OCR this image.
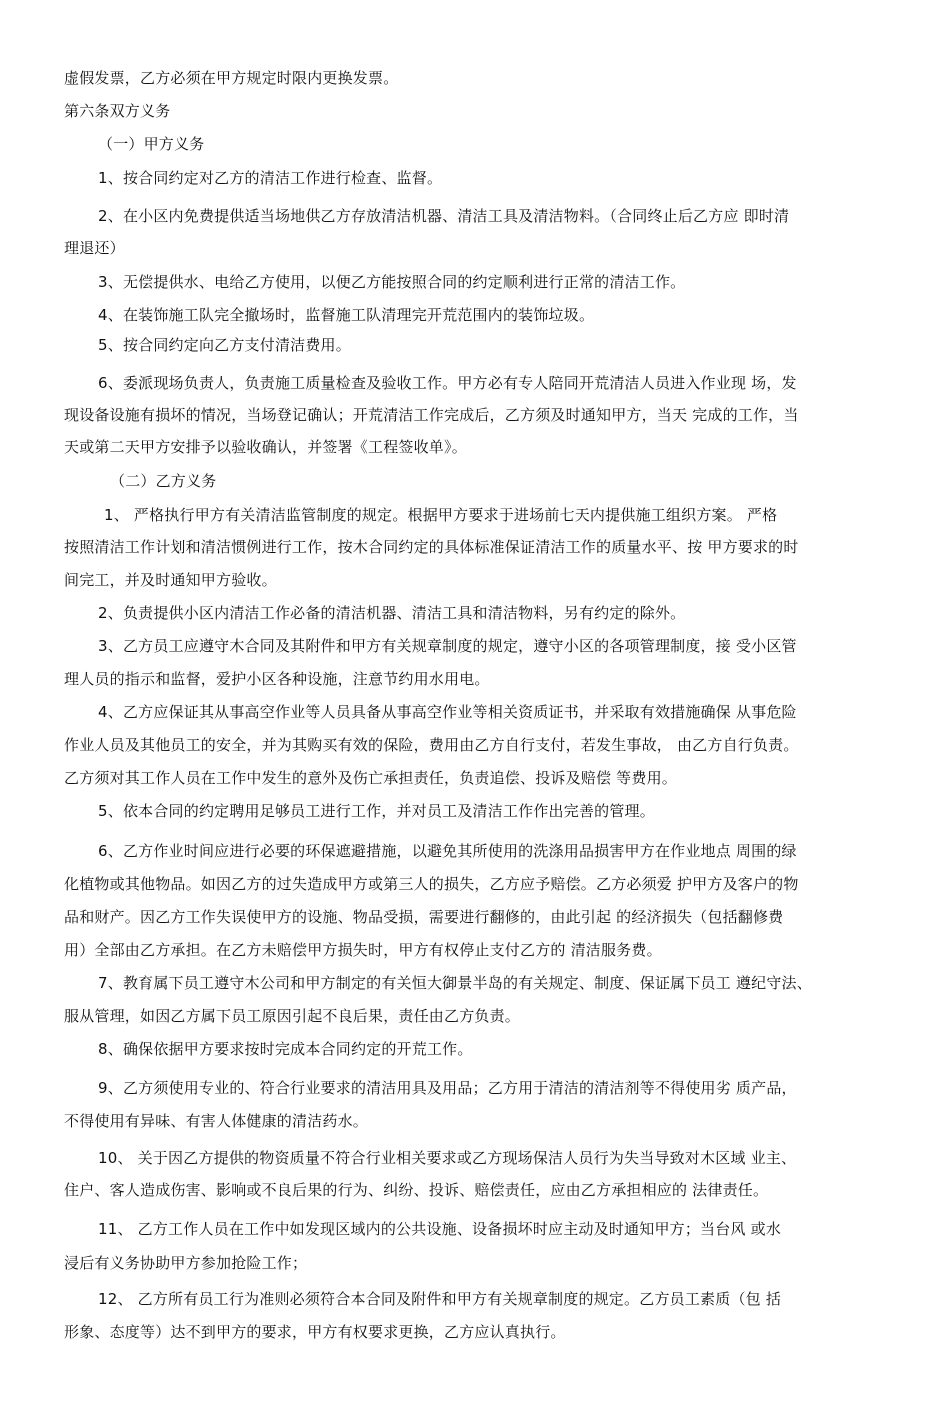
虚假发票，乙方必须在甲方规定时限内更换发票。
第六条双方义务
（一）甲方义务
1、按合同约定对乙方的清洁工作进行检查、监督。
2、在小区内免费提供适当场地供乙方存放清洁机器、清洁工具及清洁物料。（合同终止后乙方应 即时清
理退还）
3、无偿提供水、电给乙方使用，以便乙方能按照合同的约定顺利进行正常的清洁工作。
4、在装饰施工队完全撤场时，监督施工队清理完开荒范围内的装饰垃圾。
5、按合同约定向乙方支付清洁费用。
6、委派现场负责人，负责施工质量检查及验收工作。甲方必有专人陪同开荒清洁人员进入作业现 场，发
现设备设施有损坏的情况，当场登记确认；开荒清洁工作完成后，乙方须及时通知甲方，当天 完成的工作，当
天或第二天甲方安排予以验收确认，并签署《工程签收单》。
（二）乙方义务
1、 严格执行甲方有关清洁监管制度的规定。根据甲方要求于进场前七天内提供施工组织方案。 严格
按照清洁工作计划和清洁惯例进行工作，按木合同约定的具体标准保证清洁工作的质量水平、按 甲方要求的时
间完工，并及时通知甲方验收。
2、负责提供小区内清洁工作必备的清洁机器、清洁工具和清洁物料，另有约定的除外。
3、乙方员工应遵守木合同及其附件和甲方有关规章制度的规定，遵守小区的各项管理制度，接 受小区管
理人员的指示和监督，爱护小区各种设施，注意节约用水用电。
4、乙方应保证其从事高空作业等人员具备从事高空作业等相关资质证书，并采取有效措施确保 从事危险
作业人员及其他员工的安全，并为其购买有效的保险，费用由乙方自行支付，若发生事故， 由乙方自行负责。
乙方须对其工作人员在工作中发生的意外及伤亡承担责任，负责追偿、投诉及赔偿 等费用。
5、依本合同的约定聘用足够员工进行工作，并对员工及清洁工作作出完善的管理。
6、乙方作业时间应进行必要的环保遮避措施，以避免其所使用的洗涤用品损害甲方在作业地点 周围的绿
化植物或其他物品。如因乙方的过失造成甲方或第三人的损失，乙方应予赔偿。乙方必须爱 护甲方及客户的物
品和财产。因乙方工作失误使甲方的设施、物品受损，需要进行翻修的，由此引起 的经济损失（包括翻修费
用）全部由乙方承担。在乙方未赔偿甲方损失时，甲方有权停止支付乙方的 清洁服务费。
7、教育属下员工遵守木公司和甲方制定的有关恒大御景半岛的有关规定、制度、保证属下员工 遵纪守法、
服从管理，如因乙方属下员工原因引起不良后果，责任由乙方负责。
8、确保依据甲方要求按时完成本合同约定的开荒工作。
9、乙方须使用专业的、符合行业要求的清洁用具及用品；乙方用于清洁的清洁剂等不得使用劣 质产品，
不得使用有异味、有害人体健康的清洁药水。
10、 关于因乙方提供的物资质量不符合行业相关要求或乙方现场保洁人员行为失当导致对木区域 业主、
住户、客人造成伤害、影响或不良后果的行为、纠纷、投诉、赔偿责任，应由乙方承担相应的 法律责任。
11、 乙方工作人员在工作中如发现区域内的公共设施、设备损坏时应主动及时通知甲方；当台风 或水
浸后有义务协助甲方参加抢险工作；
12、 乙方所有员工行为准则必须符合本合同及附件和甲方有关规章制度的规定。乙方员工素质（包 括
形象、态度等）达不到甲方的要求，甲方有权要求更换，乙方应认真执行。
